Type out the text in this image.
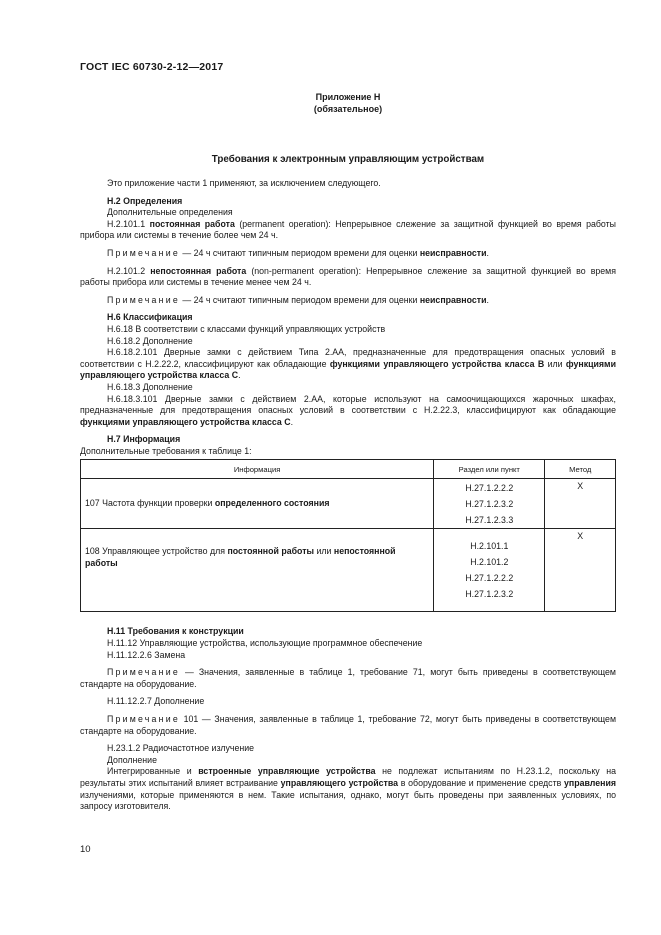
ГОСТ IEC 60730-2-12—2017
Приложение H
(обязательное)
Требования к электронным управляющим устройствам

Это приложение части 1 применяют, за исключением следующего.

H.2 Определения

Дополнительные определения

H.2.101.1 постоянная работа (permanent operation): Непрерывное слежение за защитной функцией во время работы прибора или системы в течение более чем 24 ч.

Примечание — 24 ч считают типичным периодом времени для оценки неисправности.

H.2.101.2 непостоянная работа (non-permanent operation): Непрерывное слежение за защитной функцией во время работы прибора или системы в течение менее чем 24 ч.

Примечание — 24 ч считают типичным периодом времени для оценки неисправности.

H.6 Классификация

H.6.18 В соответствии с классами функций управляющих устройств

H.6.18.2 Дополнение

H.6.18.2.101 Дверные замки с действием Типа 2.AA, предназначенные для предотвращения опасных условий в соответствии с H.2.22.2, классифицируют как обладающие функциями управляющего устройства класса B или функциями управляющего устройства класса C.

H.6.18.3 Дополнение

H.6.18.3.101 Дверные замки с действием 2.AA, которые используют на самоочищающихся жарочных шкафах, предназначенные для предотвращения опасных условий в соответствии с H.2.22.3, классифицируют как обладающие функциями управляющего устройства класса C.

H.7 Информация

Дополнительные требования к таблице 1:

Информация	Раздел или пункт	Метод
107 Частота функции проверки определенного состояния	H.27.1.2.2.2
H.27.1.2.3.2
H.27.1.2.3.3	X
108 Управляющее устройство для постоянной работы или непостоянной работы	H.2.101.1
H.2.101.2
H.27.1.2.2.2
H.27.1.2.3.2	X

H.11 Требования к конструкции

H.11.12 Управляющие устройства, использующие программное обеспечение

H.11.12.2.6 Замена

Примечание — Значения, заявленные в таблице 1, требование 71, могут быть приведены в соответствующем стандарте на оборудование.

H.11.12.2.7 Дополнение

Примечание 101 — Значения, заявленные в таблице 1, требование 72, могут быть приведены в соответствующем стандарте на оборудование.

H.23.1.2 Радиочастотное излучение

Дополнение

Интегрированные и встроенные управляющие устройства не подлежат испытаниям по H.23.1.2, поскольку на результаты этих испытаний влияет встраивание управляющего устройства в оборудование и применение средств управления излучениями, которые применяются в нем. Такие испытания, однако, могут быть проведены при заявленных условиях, по запросу изготовителя.

10
